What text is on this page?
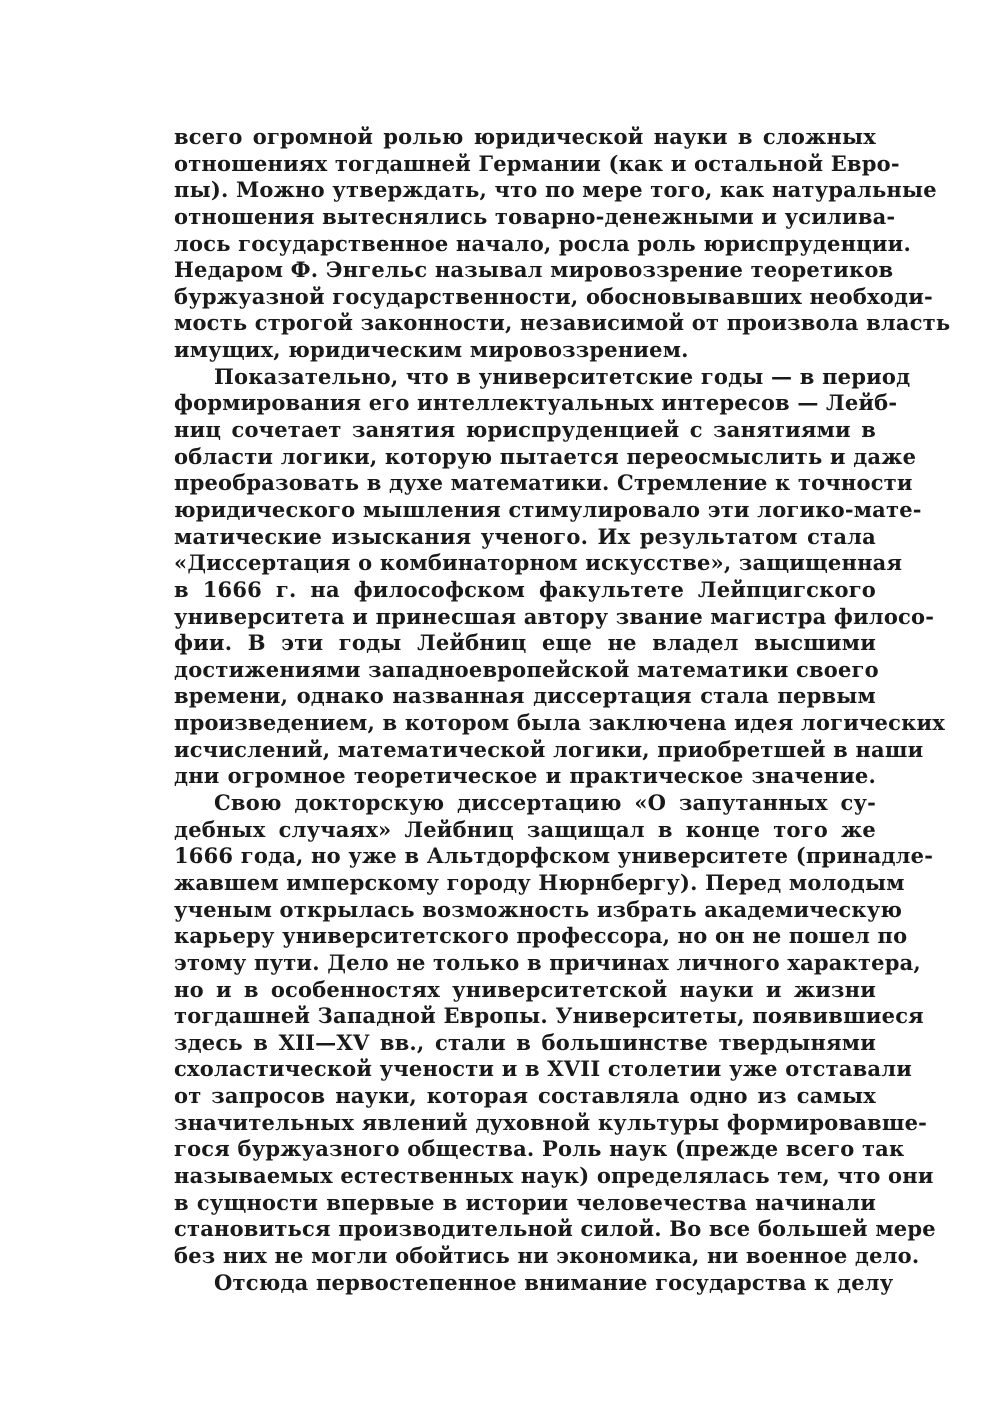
всего огромной ролью юридической науки в сложных
отношениях тогдашней Германии (как и остальной Евро-
пы). Можно утверждать, что по мере того, как натуральные
отношения вытеснялись товарно-денежными и усилива-
лось государственное начало, росла роль юриспруденции.
Недаром Ф. Энгельс называл мировоззрение теоретиков
буржуазной государственности, обосновывавших необходи-
мость строгой законности, независимой от произвола власть
имущих, юридическим мировоззрением.
Показательно, что в университетские годы — в период
формирования его интеллектуальных интересов — Лейб-
ниц сочетает занятия юриспруденцией с занятиями в
области логики, которую пытается переосмыслить и даже
преобразовать в духе математики. Стремление к точности
юридического мышления стимулировало эти логико-мате-
матические изыскания ученого. Их результатом стала
«Диссертация о комбинаторном искусстве», защищенная
в 1666 г. на философском факультете Лейпцигского
университета и принесшая автору звание магистра филосо-
фии. В эти годы Лейбниц еще не владел высшими
достижениями западноевропейской математики своего
времени, однако названная диссертация стала первым
произведением, в котором была заключена идея логических
исчислений, математической логики, приобретшей в наши
дни огромное теоретическое и практическое значение.
Свою докторскую диссертацию «О запутанных су-
дебных случаях» Лейбниц защищал в конце того же
1666 года, но уже в Альтдорфском университете (принадле-
жавшем имперскому городу Нюрнбергу). Перед молодым
ученым открылась возможность избрать академическую
карьеру университетского профессора, но он не пошел по
этому пути. Дело не только в причинах личного характера,
но и в особенностях университетской науки и жизни
тогдашней Западной Европы. Университеты, появившиеся
здесь в XII—XV вв., стали в большинстве твердынями
схоластической учености и в XVII столетии уже отставали
от запросов науки, которая составляла одно из самых
значительных явлений духовной культуры формировавше-
гося буржуазного общества. Роль наук (прежде всего так
называемых естественных наук) определялась тем, что они
в сущности впервые в истории человечества начинали
становиться производительной силой. Во все большей мере
без них не могли обойтись ни экономика, ни военное дело.
Отсюда первостепенное внимание государства к делу
